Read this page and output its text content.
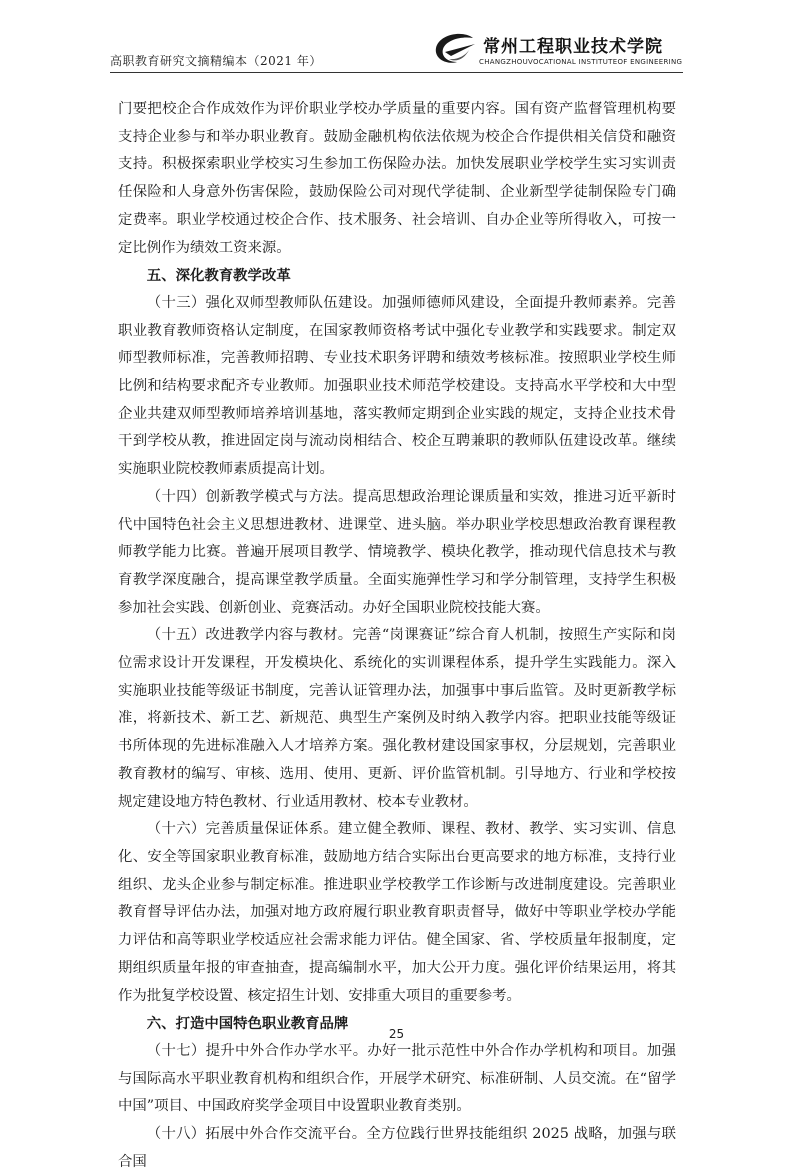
高职教育研究文摘精编本（2021 年）
常州工程职业技术学院
CHANGZHOUVOCATIONAL INSTITUTEOF ENGINEERING

门要把校企合作成效作为评价职业学校办学质量的重要内容。国有资产监督管理机构要支持企业参与和举办职业教育。鼓励金融机构依法依规为校企合作提供相关信贷和融资支持。积极探索职业学校实习生参加工伤保险办法。加快发展职业学校学生实习实训责任保险和人身意外伤害保险，鼓励保险公司对现代学徒制、企业新型学徒制保险专门确定费率。职业学校通过校企合作、技术服务、社会培训、自办企业等所得收入，可按一定比例作为绩效工资来源。

五、深化教育教学改革

（十三）强化双师型教师队伍建设。加强师德师风建设，全面提升教师素养。完善职业教育教师资格认定制度，在国家教师资格考试中强化专业教学和实践要求。制定双师型教师标准，完善教师招聘、专业技术职务评聘和绩效考核标准。按照职业学校生师比例和结构要求配齐专业教师。加强职业技术师范学校建设。支持高水平学校和大中型企业共建双师型教师培养培训基地，落实教师定期到企业实践的规定，支持企业技术骨干到学校从教，推进固定岗与流动岗相结合、校企互聘兼职的教师队伍建设改革。继续实施职业院校教师素质提高计划。

（十四）创新教学模式与方法。提高思想政治理论课质量和实效，推进习近平新时代中国特色社会主义思想进教材、进课堂、进头脑。举办职业学校思想政治教育课程教师教学能力比赛。普遍开展项目教学、情境教学、模块化教学，推动现代信息技术与教育教学深度融合，提高课堂教学质量。全面实施弹性学习和学分制管理，支持学生积极参加社会实践、创新创业、竞赛活动。办好全国职业院校技能大赛。

（十五）改进教学内容与教材。完善“岗课赛证”综合育人机制，按照生产实际和岗位需求设计开发课程，开发模块化、系统化的实训课程体系，提升学生实践能力。深入实施职业技能等级证书制度，完善认证管理办法，加强事中事后监管。及时更新教学标准，将新技术、新工艺、新规范、典型生产案例及时纳入教学内容。把职业技能等级证书所体现的先进标准融入人才培养方案。强化教材建设国家事权，分层规划，完善职业教育教材的编写、审核、选用、使用、更新、评价监管机制。引导地方、行业和学校按规定建设地方特色教材、行业适用教材、校本专业教材。

（十六）完善质量保证体系。建立健全教师、课程、教材、教学、实习实训、信息化、安全等国家职业教育标准，鼓励地方结合实际出台更高要求的地方标准，支持行业组织、龙头企业参与制定标准。推进职业学校教学工作诊断与改进制度建设。完善职业教育督导评估办法，加强对地方政府履行职业教育职责督导，做好中等职业学校办学能力评估和高等职业学校适应社会需求能力评估。健全国家、省、学校质量年报制度，定期组织质量年报的审查抽查，提高编制水平，加大公开力度。强化评价结果运用，将其作为批复学校设置、核定招生计划、安排重大项目的重要参考。

六、打造中国特色职业教育品牌

（十七）提升中外合作办学水平。办好一批示范性中外合作办学机构和项目。加强与国际高水平职业教育机构和组织合作，开展学术研究、标准研制、人员交流。在“留学中国”项目、中国政府奖学金项目中设置职业教育类别。

（十八）拓展中外合作交流平台。全方位践行世界技能组织 2025 战略，加强与联合国

25
